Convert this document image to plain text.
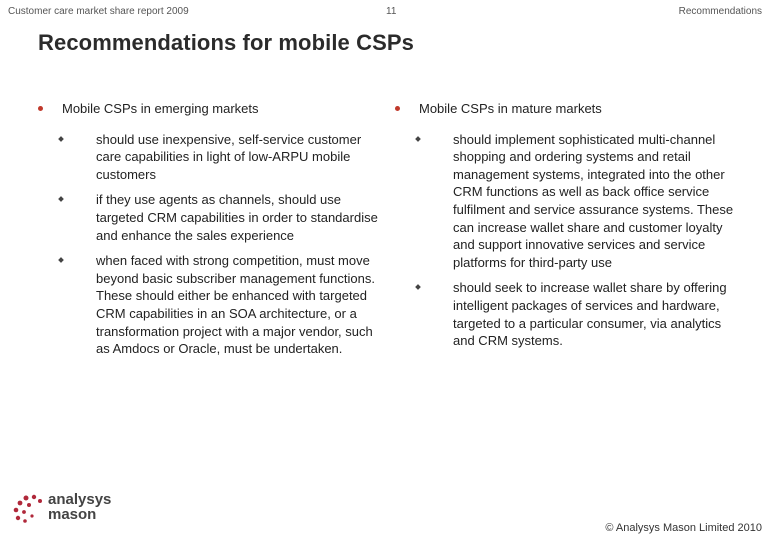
Customer care market share report 2009	11	Recommendations
Recommendations for mobile CSPs
Mobile CSPs in emerging markets
should use inexpensive, self-service customer care capabilities in light of low-ARPU mobile customers
if they use agents as channels, should use targeted CRM capabilities in order to standardise and enhance the sales experience
when faced with strong competition, must move beyond basic subscriber management functions. These should either be enhanced with targeted CRM capabilities in an SOA architecture, or a transformation project with a major vendor, such as Amdocs or Oracle, must be undertaken.
Mobile CSPs in mature markets
should implement sophisticated multi-channel shopping and ordering systems and retail management systems, integrated into the other CRM functions as well as back office service fulfilment and service assurance systems. These can increase wallet share and customer loyalty and support innovative services and service platforms for third-party use
should seek to increase wallet share by offering intelligent packages of services and hardware, targeted to a particular consumer, via analytics and CRM systems.
analysys
mason
© Analysys Mason Limited 2010
